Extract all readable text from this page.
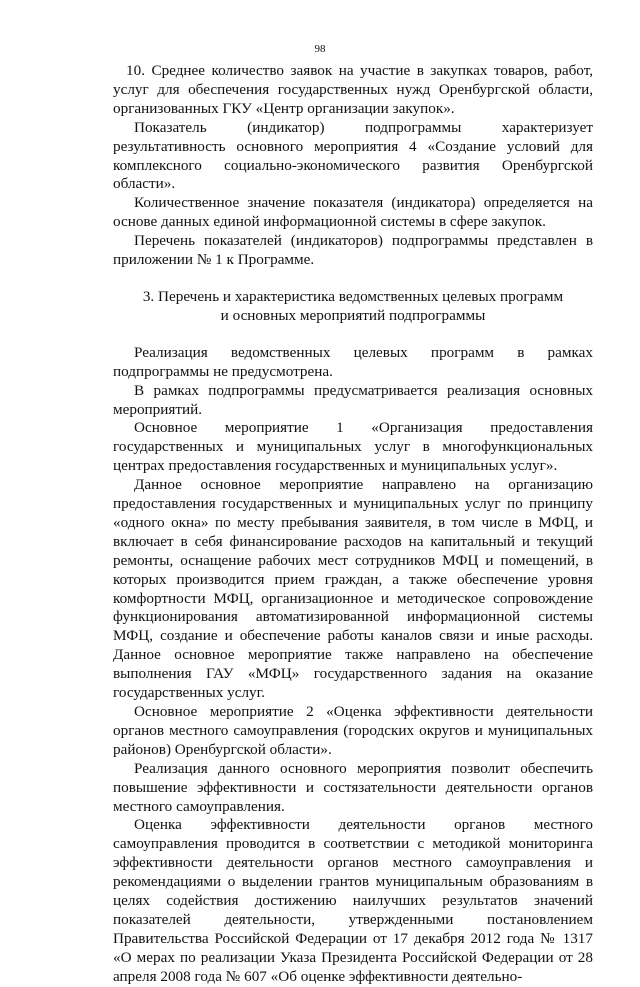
98

10. Среднее количество заявок на участие в закупках товаров, работ, услуг для обеспечения государственных нужд Оренбургской области, организованных ГКУ «Центр организации закупок».

Показатель (индикатор) подпрограммы характеризует результативность основного мероприятия 4 «Создание условий для комплексного социально-экономического развития Оренбургской области».

Количественное значение показателя (индикатора) определяется на основе данных единой информационной системы в сфере закупок.

Перечень показателей (индикаторов) подпрограммы представлен в приложении № 1 к Программе.

3. Перечень и характеристика ведомственных целевых программ
и основных мероприятий подпрограммы

Реализация ведомственных целевых программ в рамках подпрограммы не предусмотрена.

В рамках подпрограммы предусматривается реализация основных мероприятий.

Основное мероприятие 1 «Организация предоставления государственных и муниципальных услуг в многофункциональных центрах предоставления государственных и муниципальных услуг».

Данное основное мероприятие направлено на организацию предоставления государственных и муниципальных услуг по принципу «одного окна» по месту пребывания заявителя, в том числе в МФЦ, и включает в себя финансирование расходов на капитальный и текущий ремонты, оснащение рабочих мест сотрудников МФЦ и помещений, в которых производится прием граждан, а также обеспечение уровня комфортности МФЦ, организационное и методическое сопровождение функционирования автоматизированной информационной системы МФЦ, создание и обеспечение работы каналов связи и иные расходы. Данное основное мероприятие также направлено на обеспечение выполнения ГАУ «МФЦ» государственного задания на оказание государственных услуг.

Основное мероприятие 2 «Оценка эффективности деятельности органов местного самоуправления (городских округов и муниципальных районов) Оренбургской области».

Реализация данного основного мероприятия позволит обеспечить повышение эффективности и состязательности деятельности органов местного самоуправления.

Оценка эффективности деятельности органов местного самоуправления проводится в соответствии с методикой мониторинга эффективности деятельности органов местного самоуправления и рекомендациями о выделении грантов муниципальным образованиям в целях содействия достижению наилучших результатов значений показателей деятельности, утвержденными постановлением Правительства Российской Федерации от 17 декабря 2012 года № 1317 «О мерах по реализации Указа Президента Российской Федерации от 28 апреля 2008 года № 607 «Об оценке эффективности деятельно-
